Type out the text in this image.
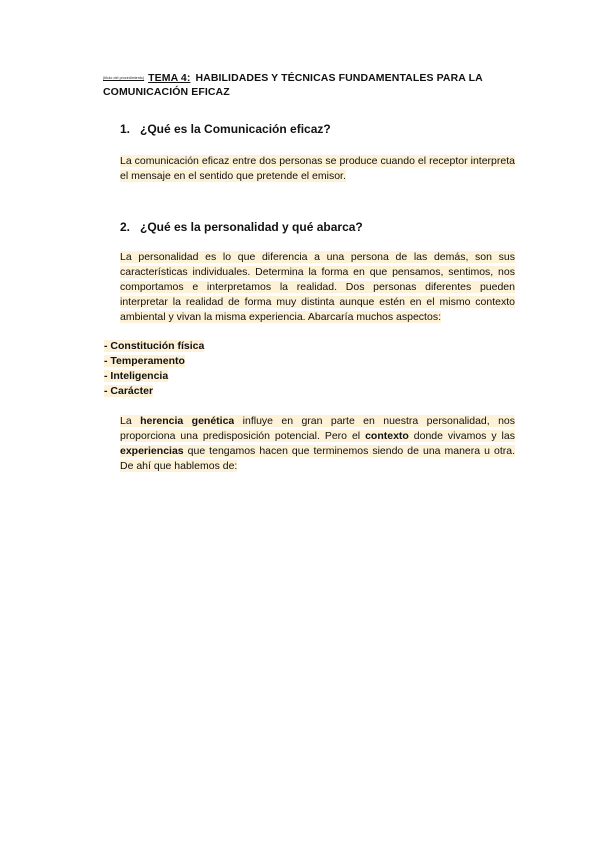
(título del procedimiento) TEMA 4: HABILIDADES Y TÉCNICAS FUNDAMENTALES PARA LA
COMUNICACIÓN EFICAZ
1. ¿Qué es la Comunicación eficaz?

La comunicación eficaz entre dos personas se produce cuando el receptor interpreta el mensaje en el sentido que pretende el emisor.

2. ¿Qué es la personalidad y qué abarca?

La personalidad es lo que diferencia a una persona de las demás, son sus características individuales. Determina la forma en que pensamos, sentimos, nos comportamos e interpretamos la realidad. Dos personas diferentes pueden interpretar la realidad de forma muy distinta aunque estén en el mismo contexto ambiental y vivan la misma experiencia. Abarcaría muchos aspectos:

- Constitución física
- Temperamento
- Inteligencia
- Carácter

La herencia genética influye en gran parte en nuestra personalidad, nos proporciona una predisposición potencial. Pero el contexto donde vivamos y las experiencias que tengamos hacen que terminemos siendo de una manera u otra. De ahí que hablemos de:
